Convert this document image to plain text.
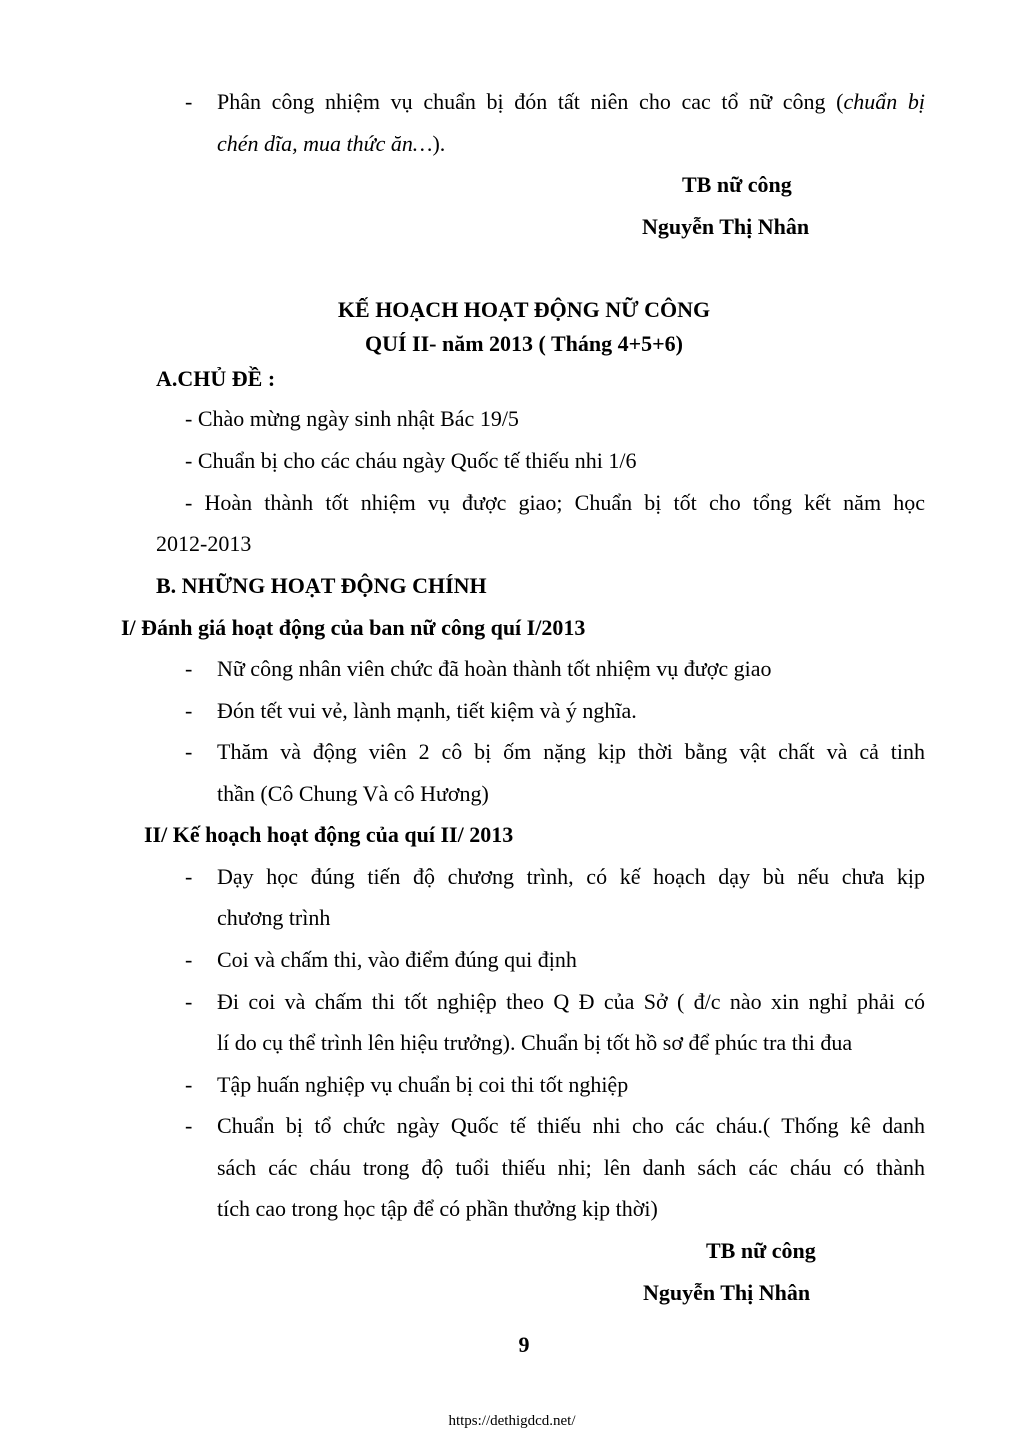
- Phân công nhiệm vụ chuẩn bị đón tất niên cho cac tổ nữ công (chuẩn bị
chén dĩa, mua thức ăn…).
TB nữ công
Nguyễn Thị Nhân
KẾ HOẠCH HOẠT ĐỘNG NỮ CÔNG
QUÍ II- năm 2013 ( Tháng 4+5+6)
A.CHỦ ĐỀ :
- Chào mừng ngày sinh nhật Bác 19/5
- Chuẩn bị cho các cháu ngày Quốc tế thiếu nhi 1/6
- Hoàn thành tốt nhiệm vụ được giao; Chuẩn bị tốt cho tổng kết năm học
2012-2013
B. NHỮNG HOẠT ĐỘNG CHÍNH
I/ Đánh giá hoạt động của ban nữ công quí I/2013
- Nữ công nhân viên chức đã hoàn thành tốt nhiệm vụ được giao
- Đón tết vui vẻ, lành mạnh, tiết kiệm và ý nghĩa.
- Thăm và động viên 2 cô bị ốm nặng kịp thời bằng vật chất và cả tinh
thần (Cô Chung Và cô Hương)
II/ Kế hoạch hoạt động của quí II/ 2013
- Dạy học đúng tiến độ chương trình, có kế hoạch dạy bù nếu chưa kịp
chương trình
- Coi và chấm thi, vào điểm đúng qui định
- Đi coi và chấm thi tốt nghiệp theo Q Đ của Sở ( đ/c nào xin nghỉ phải có
lí do cụ thể trình lên hiệu trưởng). Chuẩn bị tốt hồ sơ để phúc tra thi đua
- Tập huấn nghiệp vụ chuẩn bị coi thi tốt nghiệp
- Chuẩn bị tổ chức ngày Quốc tế thiếu nhi cho các cháu.( Thống kê danh
sách các cháu trong độ tuổi thiếu nhi; lên danh sách các cháu có thành
tích cao trong học tập để có phần thưởng kịp thời)
TB nữ công
Nguyễn Thị Nhân
9
https://dethigdcd.net/
